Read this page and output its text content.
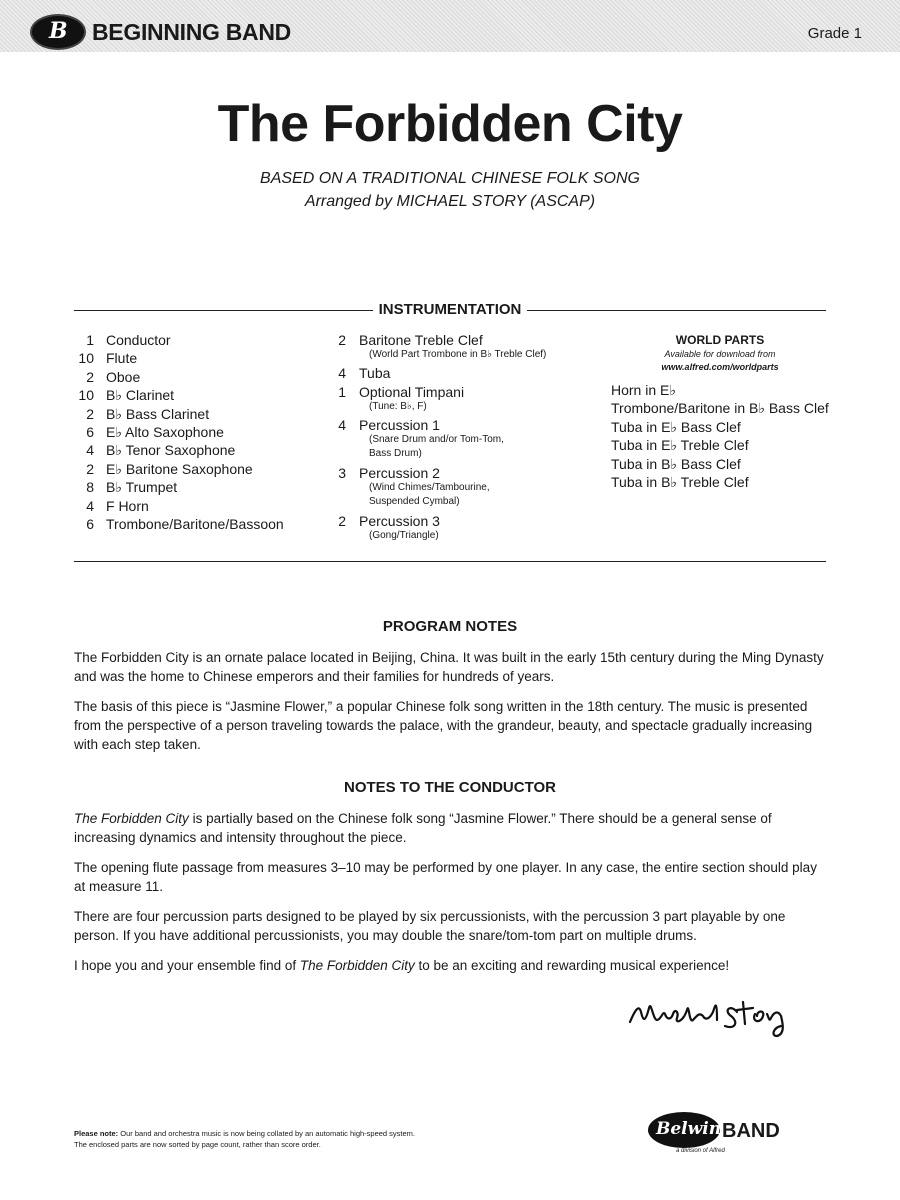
B BEGINNING BAND	Grade 1
The Forbidden City
BASED ON A TRADITIONAL CHINESE FOLK SONG
Arranged by MICHAEL STORY (ASCAP)
INSTRUMENTATION
1 Conductor
10 Flute
2 Oboe
10 B♭ Clarinet
2 B♭ Bass Clarinet
6 E♭ Alto Saxophone
4 B♭ Tenor Saxophone
2 E♭ Baritone Saxophone
8 B♭ Trumpet
4 F Horn
6 Trombone/Baritone/Bassoon
2 Baritone Treble Clef
(World Part Trombone in B♭ Treble Clef)
4 Tuba
1 Optional Timpani
(Tune: B♭, F)
4 Percussion 1
(Snare Drum and/or Tom-Tom,
Bass Drum)
3 Percussion 2
(Wind Chimes/Tambourine,
Suspended Cymbal)
2 Percussion 3
(Gong/Triangle)
WORLD PARTS
Available for download from
www.alfred.com/worldparts
Horn in E♭
Trombone/Baritone in B♭ Bass Clef
Tuba in E♭ Bass Clef
Tuba in E♭ Treble Clef
Tuba in B♭ Bass Clef
Tuba in B♭ Treble Clef
PROGRAM NOTES
The Forbidden City is an ornate palace located in Beijing, China. It was built in the early 15th century during the Ming Dynasty and was the home to Chinese emperors and their families for hundreds of years.
The basis of this piece is “Jasmine Flower,” a popular Chinese folk song written in the 18th century. The music is presented from the perspective of a person traveling towards the palace, with the grandeur, beauty, and spectacle gradually increasing with each step taken.
NOTES TO THE CONDUCTOR
The Forbidden City is partially based on the Chinese folk song “Jasmine Flower.” There should be a general sense of increasing dynamics and intensity throughout the piece.
The opening flute passage from measures 3–10 may be performed by one player. In any case, the entire section should play at measure 11.
There are four percussion parts designed to be played by six percussionists, with the percussion 3 part playable by one person. If you have additional percussionists, you may double the snare/tom-tom part on multiple drums.
I hope you and your ensemble find of The Forbidden City to be an exciting and rewarding musical experience!
Please note: Our band and orchestra music is now being collated by an automatic high-speed system.
The enclosed parts are now sorted by page count, rather than score order.
Belwin BAND
a division of Alfred
